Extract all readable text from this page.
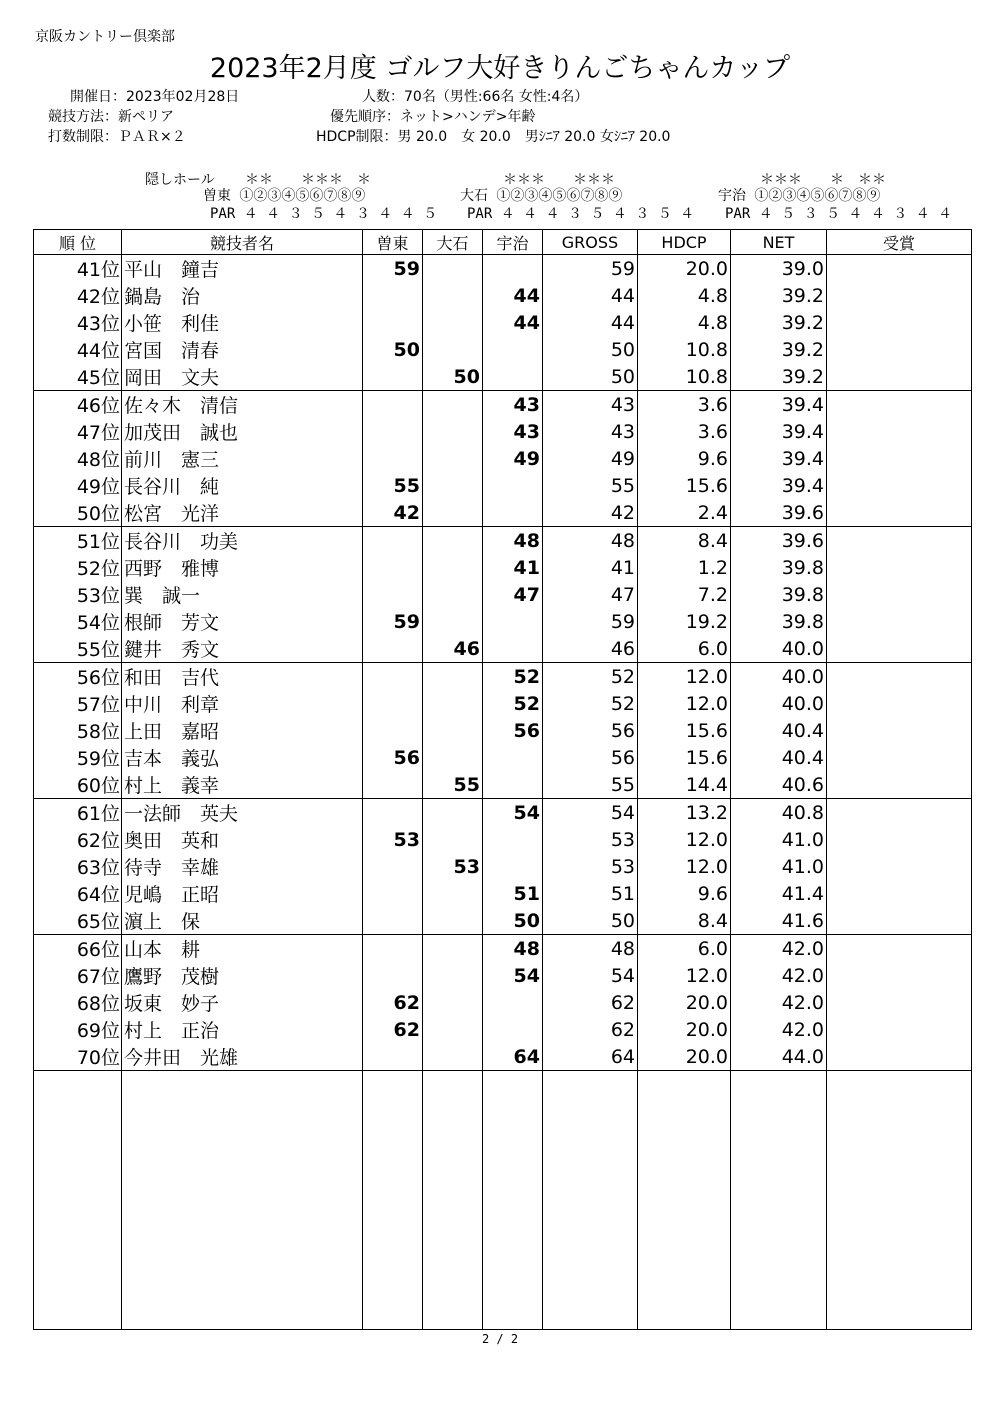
京阪カントリー倶楽部
2023年2月度 ゴルフ大好きりんごちゃんカップ
開催日：2023年02月28日
競技方法：新ペリア
打数制限：ＰＡＲ×２
人数：70名（男性:66名 女性:4名）
優先順序：ネット>ハンデ>年齢
HDCP制限：男 20.0　女 20.0　男ｼﾆｱ 20.0 女ｼﾆｱ 20.0
隠しホール ＊＊　　＊＊＊　＊
曽東 ①②③④⑤⑥⑦⑧⑨
PAR ４ ４ ３ ５ ４ ３ ４ ４ ５
＊＊＊　　＊＊＊
大石 ①②③④⑤⑥⑦⑧⑨
PAR ４ ４ ４ ３ ５ ４ ３ ５ ４
＊＊＊　　＊　＊＊
宇治 ①②③④⑤⑥⑦⑧⑨
PAR ４ ５ ３ ５ ４ ４ ３ ４ ４
順 位	競技者名	曽東	大石	宇治	GROSS	HDCP	NET	受賞
41位	平山　鐘吉	59			59	20.0	39.0	
42位	鍋島　治			44	44	4.8	39.2	
43位	小笹　利佳			44	44	4.8	39.2	
44位	宮国　清春	50			50	10.8	39.2	
45位	岡田　文夫		50		50	10.8	39.2	
46位	佐々木　清信			43	43	3.6	39.4	
47位	加茂田　誠也			43	43	3.6	39.4	
48位	前川　憲三			49	49	9.6	39.4	
49位	長谷川　純	55			55	15.6	39.4	
50位	松宮　光洋	42			42	2.4	39.6	
51位	長谷川　功美			48	48	8.4	39.6	
52位	西野　雅博			41	41	1.2	39.8	
53位	巽　誠一			47	47	7.2	39.8	
54位	根師　芳文	59			59	19.2	39.8	
55位	鍵井　秀文		46		46	6.0	40.0	
56位	和田　吉代			52	52	12.0	40.0	
57位	中川　利章			52	52	12.0	40.0	
58位	上田　嘉昭			56	56	15.6	40.4	
59位	吉本　義弘	56			56	15.6	40.4	
60位	村上　義幸		55		55	14.4	40.6	
61位	一法師　英夫			54	54	13.2	40.8	
62位	奥田　英和	53			53	12.0	41.0	
63位	待寺　幸雄		53		53	12.0	41.0	
64位	児嶋　正昭			51	51	9.6	41.4	
65位	濵上　保			50	50	8.4	41.6	
66位	山本　耕			48	48	6.0	42.0	
67位	鷹野　茂樹			54	54	12.0	42.0	
68位	坂東　妙子	62			62	20.0	42.0	
69位	村上　正治	62			62	20.0	42.0	
70位	今井田　光雄			64	64	20.0	44.0	

2 / 2
